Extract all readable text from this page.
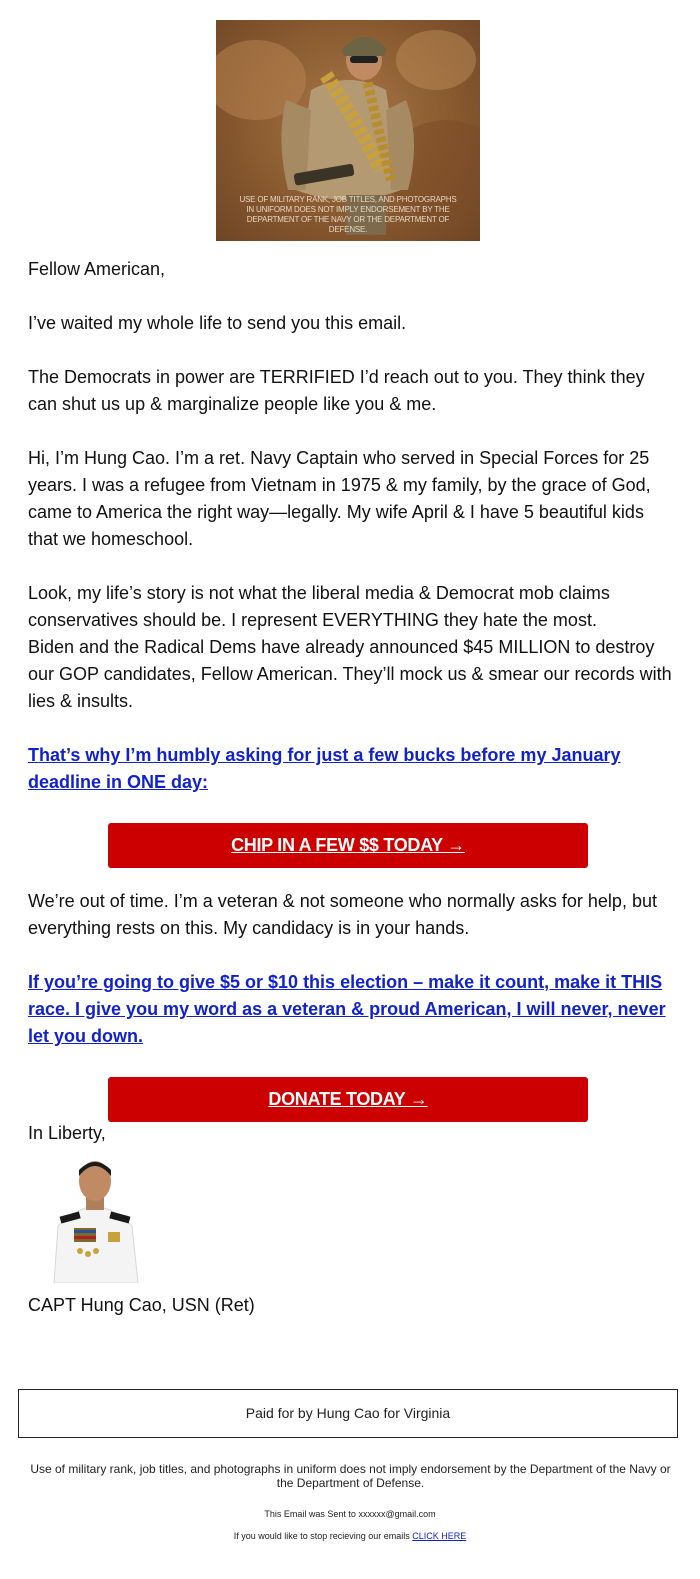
USE OF MILITARY RANK, JOB TITLES, AND PHOTOGRAPHS IN UNIFORM DOES NOT IMPLY ENDORSEMENT BY THE DEPARTMENT OF THE NAVY OR THE DEPARTMENT OF DEFENSE.

Fellow American,

I’ve waited my whole life to send you this email.

The Democrats in power are TERRIFIED I’d reach out to you. They think they can shut us up & marginalize people like you & me.

Hi, I’m Hung Cao. I’m a ret. Navy Captain who served in Special Forces for 25 years. I was a refugee from Vietnam in 1975 & my family, by the grace of God, came to America the right way—legally. My wife April & I have 5 beautiful kids that we homeschool.

Look, my life’s story is not what the liberal media & Democrat mob claims conservatives should be. I represent EVERYTHING they hate the most.

Biden and the Radical Dems have already announced $45 MILLION to destroy our GOP candidates, Fellow American. They’ll mock us & smear our records with lies & insults.

That’s why I’m humbly asking for just a few bucks before my January deadline in ONE day:

CHIP IN A FEW $$ TODAY →

We’re out of time. I’m a veteran & not someone who normally asks for help, but everything rests on this. My candidacy is in your hands.

If you’re going to give $5 or $10 this election – make it count, make it THIS race. I give you my word as a veteran & proud American, I will never, never let you down.

DONATE TODAY →
In Liberty,
CAPT Hung Cao, USN (Ret)
Paid for by Hung Cao for Virginia
Use of military rank, job titles, and photographs in uniform does not imply endorsement by the Department of the Navy or the Department of Defense.
This Email was Sent to xxxxxx@gmail.com
If you would like to stop recieving our emails CLICK HERE
